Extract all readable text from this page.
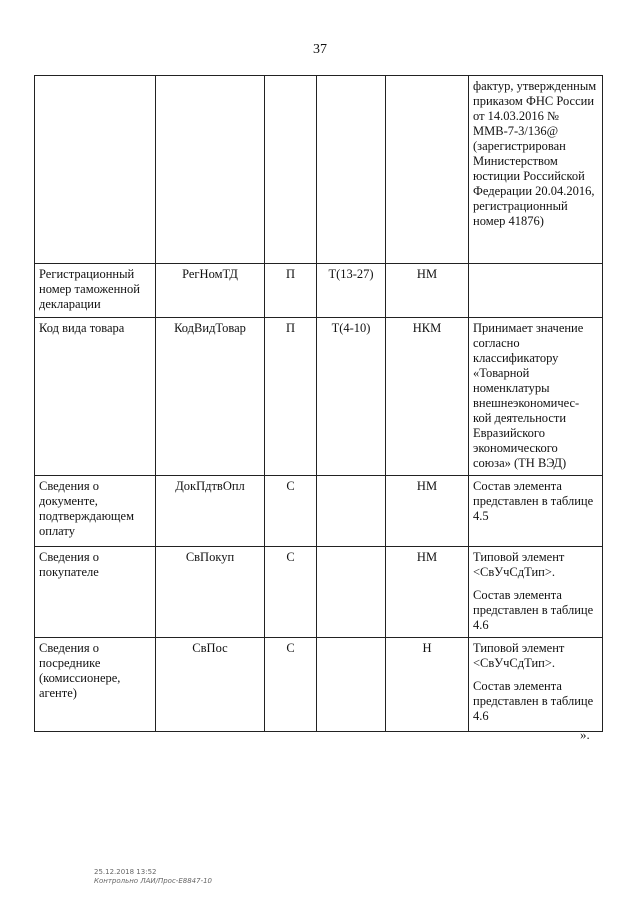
37

					фактур, утвержденным приказом ФНС России от 14.03.2016 № ММВ-7-3/136@ (зарегистрирован Министерством юстиции Российской Федерации 20.04.2016, регистрационный номер 41876)

Регистрационный номер таможенной декларации	РегНомТД	П	Т(13-27)	НМ	
Код вида товара	КодВидТовар	П	Т(4-10)	НКМ	Принимает значение согласно классификатору «Товарной номенклатуры внешнеэкономичес- кой деятельности Евразийского экономического союза» (ТН ВЭД)

Сведения о документе, подтверждающем оплату	ДокПдтвОпл	С		НМ	Состав элемента представлен в таблице 4.5

Сведения о покупателе	СвПокуп	С		НМ	Типовой элемент <СвУчСдТип>.

Состав элемента представлен в таблице 4.6

Сведения о посреднике (комиссионере, агенте)	СвПос	С		Н	Типовой элемент <СвУчСдТип>.

Состав элемента представлен в таблице 4.6

».
25.12.2018 13:52
Контрольно ЛАИ/Прос-Е8847-10
